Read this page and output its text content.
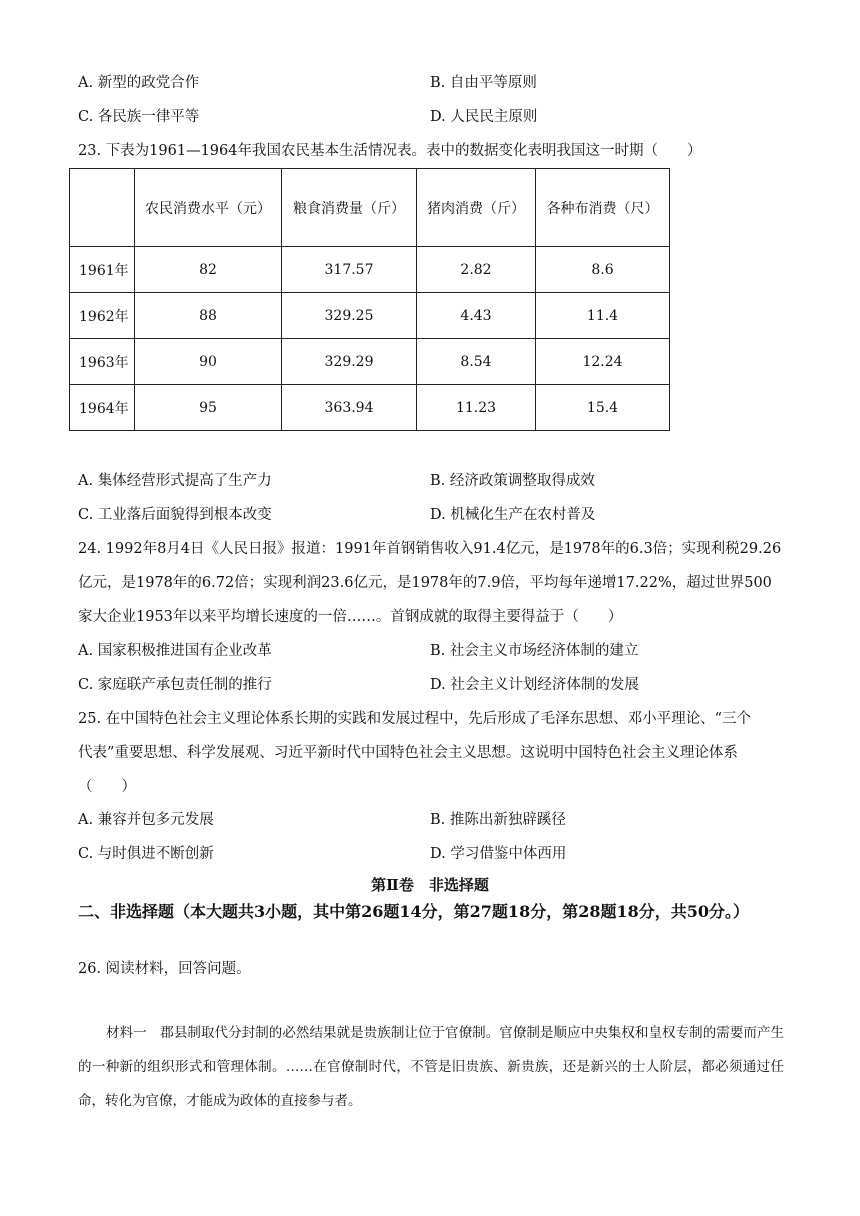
A. 新型的政党合作	B. 自由平等原则
C. 各民族一律平等	D. 人民民主原则
23. 下表为1961—1964年我国农民基本生活情况表。表中的数据变化表明我国这一时期（　　）
	农民消费水平（元）	粮食消费量（斤）	猪肉消费（斤）	各种布消费（尺）
1961年	82	317.57	2.82	8.6
1962年	88	329.25	4.43	11.4
1963年	90	329.29	8.54	12.24
1964年	95	363.94	11.23	15.4
A. 集体经营形式提高了生产力	B. 经济政策调整取得成效
C. 工业落后面貌得到根本改变	D. 机械化生产在农村普及
24. 1992年8月4日《人民日报》报道：1991年首钢销售收入91.4亿元，是1978年的6.3倍；实现利税29.26
亿元，是1978年的6.72倍；实现利润23.6亿元，是1978年的7.9倍，平均每年递增17.22%，超过世界500
家大企业1953年以来平均增长速度的一倍……。首钢成就的取得主要得益于（　　）
A. 国家积极推进国有企业改革	B. 社会主义市场经济体制的建立
C. 家庭联产承包责任制的推行	D. 社会主义计划经济体制的发展
25. 在中国特色社会主义理论体系长期的实践和发展过程中，先后形成了毛泽东思想、邓小平理论、“三个
代表”重要思想、科学发展观、习近平新时代中国特色社会主义思想。这说明中国特色社会主义理论体系
（　　）
A. 兼容并包多元发展	B. 推陈出新独辟蹊径
C. 与时俱进不断创新	D. 学习借鉴中体西用
第Ⅱ卷　非选择题
二、非选择题（本大题共3小题，其中第26题14分，第27题18分，第28题18分，共50分。）
26. 阅读材料，回答问题。
材料一　郡县制取代分封制的必然结果就是贵族制让位于官僚制。官僚制是顺应中央集权和皇权专制的需要而产生的一种新的组织形式和管理体制。……在官僚制时代，不管是旧贵族、新贵族，还是新兴的士人阶层，都必须通过任命，转化为官僚，才能成为政体的直接参与者。
